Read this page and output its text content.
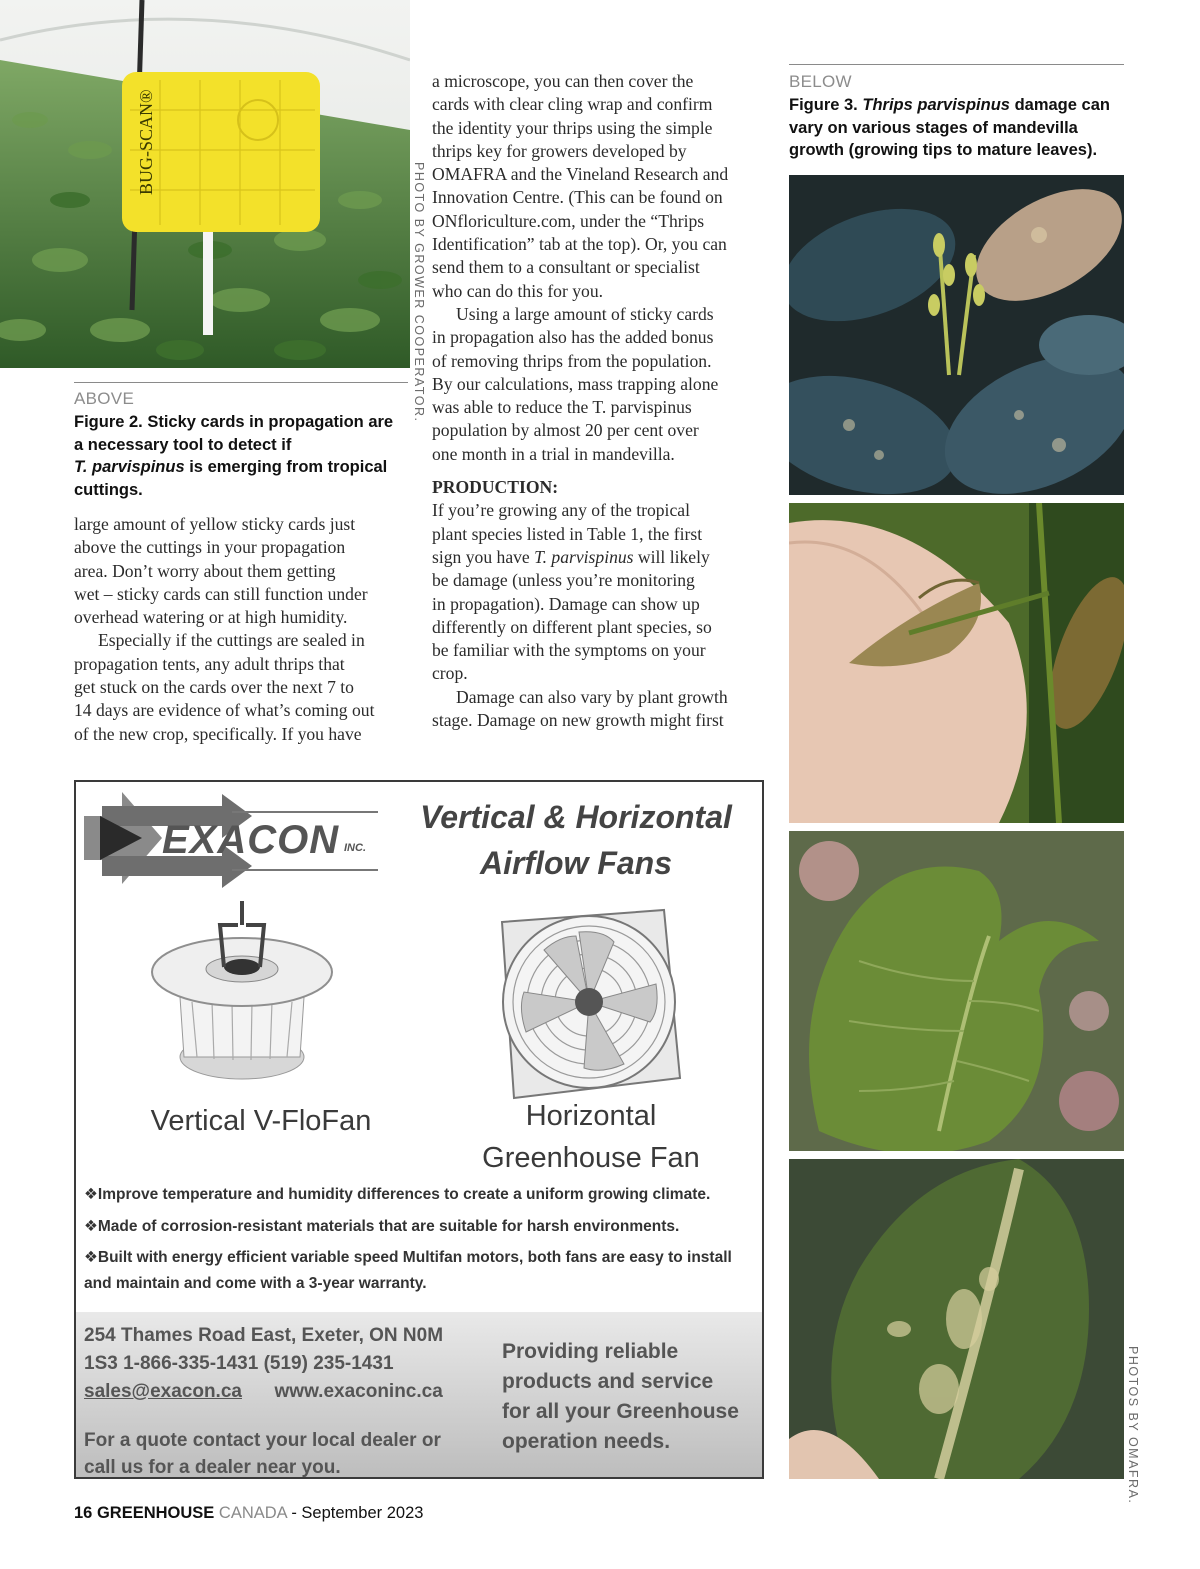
BUG-SCAN®
PHOTO BY GROWER COOPERATOR.
ABOVE
Figure 2. Sticky cards in propagation are
a necessary tool to detect if
T. parvispinus is emerging from tropical
cuttings.

large amount of yellow sticky cards just
above the cuttings in your propagation
area. Don’t worry about them getting
wet – sticky cards can still function under
overhead watering or at high humidity.

Especially if the cuttings are sealed in
propagation tents, any adult thrips that
get stuck on the cards over the next 7 to
14 days are evidence of what’s coming out
of the new crop, specifically. If you have

a microscope, you can then cover the
cards with clear cling wrap and confirm
the identity your thrips using the simple
thrips key for growers developed by
OMAFRA and the Vineland Research and
Innovation Centre. (This can be found on
ONfloriculture.com, under the “Thrips
Identification” tab at the top). Or, you can
send them to a consultant or specialist
who can do this for you.

Using a large amount of sticky cards
in propagation also has the added bonus
of removing thrips from the population.
By our calculations, mass trapping alone
was able to reduce the T. parvispinus
population by almost 20 per cent over
one month in a trial in mandevilla.

PRODUCTION:

If you’re growing any of the tropical
plant species listed in Table 1, the first
sign you have T. parvispinus will likely
be damage (unless you’re monitoring
in propagation). Damage can show up
differently on different plant species, so
be familiar with the symptoms on your
crop.

Damage can also vary by plant growth
stage. Damage on new growth might first

BELOW
Figure 3. Thrips parvispinus damage can vary on various stages of mandevilla growth (growing tips to mature leaves).
PHOTOS BY OMAFRA.
EXACON INC.
Vertical & Horizontal
Airflow Fans
Vertical V-FloFan	Horizontal
Greenhouse Fan
❖Improve temperature and humidity differences to create a uniform growing climate.
❖Made of corrosion-resistant materials that are suitable for harsh environments.
❖Built with energy efficient variable speed Multifan motors, both fans are easy to install and maintain and come with a 3-year warranty.
254 Thames Road East, Exeter, ON N0M
1S3 1-866-335-1431 (519) 235-1431
sales@exacon.ca www.exaconinc.ca
For a quote contact your local dealer or
call us for a dealer near you.
Providing reliable
products and service
for all your Greenhouse
operation needs.
16 GREENHOUSE CANADA - September 2023
